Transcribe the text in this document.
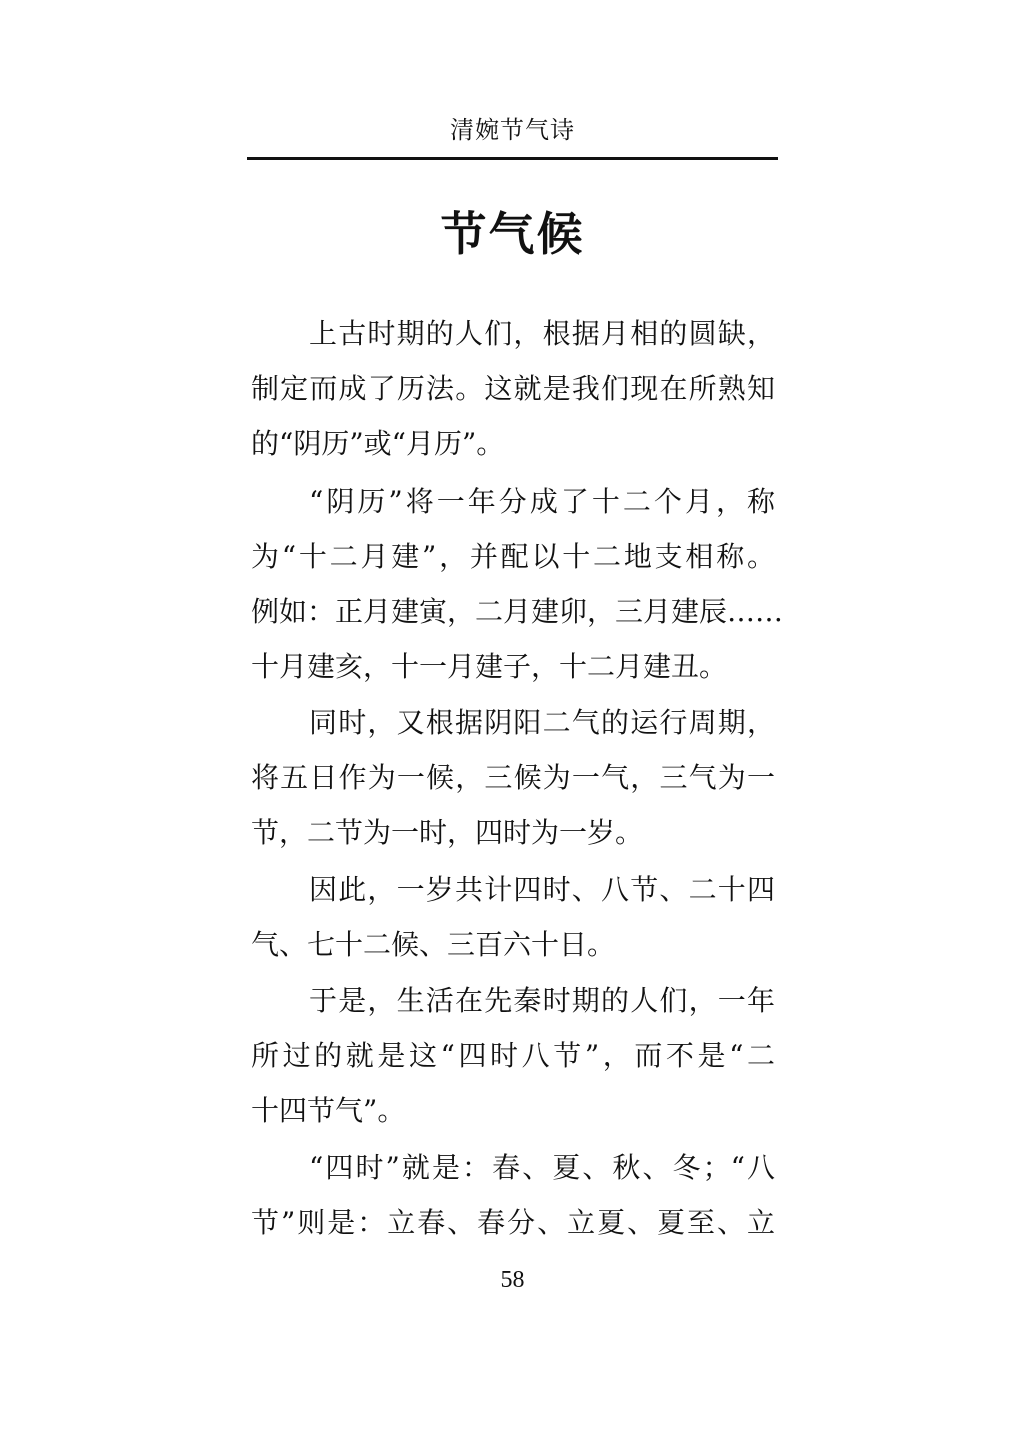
清婉节气诗
节气候

上古时期的人们，根据月相的圆缺，
制定而成了历法。这就是我们现在所熟知
的“阴历”或“月历”。

“阴历”将一年分成了十二个月，称
为“十二月建”，并配以十二地支相称。
例如：正月建寅，二月建卯，三月建辰……
十月建亥，十一月建子，十二月建丑。

同时，又根据阴阳二气的运行周期，
将五日作为一候，三候为一气，三气为一
节，二节为一时，四时为一岁。

因此，一岁共计四时、八节、二十四
气、七十二候、三百六十日。

于是，生活在先秦时期的人们，一年
所过的就是这“四时八节”，而不是“二
十四节气”。

“四时”就是：春、夏、秋、冬；“八
节”则是：立春、春分、立夏、夏至、立

58
